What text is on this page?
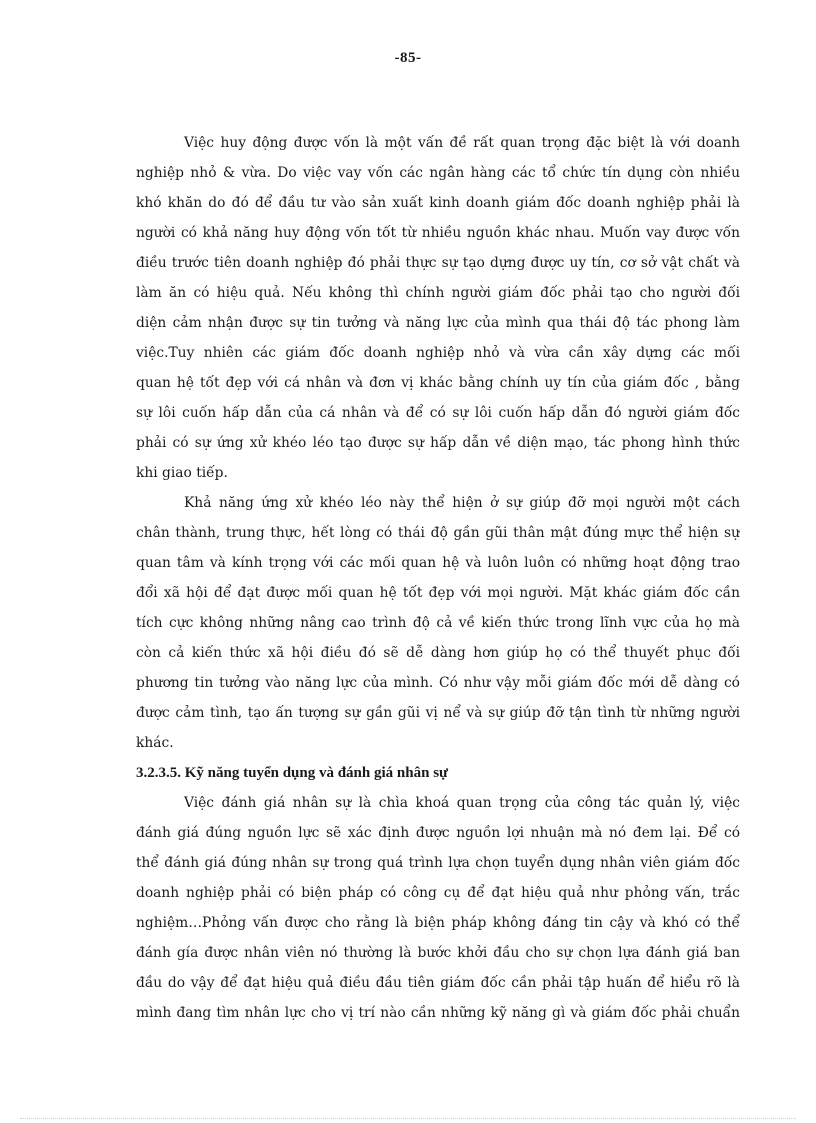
-85-

Việc huy động được vốn là một vấn đề rất quan trọng đặc biệt là với doanh
nghiệp nhỏ & vừa. Do việc vay vốn các ngân hàng các tổ chức tín dụng còn nhiều
khó khăn do đó để đầu tư vào sản xuất kinh doanh giám đốc doanh nghiệp phải là
người có khả năng huy động vốn tốt từ nhiều nguồn khác nhau. Muốn vay được vốn
điều trước tiên doanh nghiệp đó phải thực sự tạo dựng được uy tín, cơ sở vật chất và
làm ăn có hiệu quả. Nếu không thì chính người giám đốc phải tạo cho người đối
diện cảm nhận được sự tin tưởng và năng lực của mình qua thái độ tác phong làm
việc.Tuy nhiên các giám đốc doanh nghiệp nhỏ và vừa cần xây dựng các mối
quan hệ tốt đẹp với cá nhân và đơn vị khác bằng chính uy tín của giám đốc , bằng
sự lôi cuốn hấp dẫn của cá nhân và để có sự lôi cuốn hấp dẫn đó người giám đốc
phải có sự ứng xử khéo léo tạo được sự hấp dẫn về diện mạo, tác phong hình thức
khi giao tiếp.

Khả năng ứng xử khéo léo này thể hiện ở sự giúp đỡ mọi người một cách
chân thành, trung thực, hết lòng có thái độ gần gũi thân mật đúng mực thể hiện sự
quan tâm và kính trọng với các mối quan hệ và luôn luôn có những hoạt động trao
đổi xã hội để đạt được mối quan hệ tốt đẹp với mọi người. Mặt khác giám đốc cần
tích cực không những nâng cao trình độ cả về kiến thức trong lĩnh vực của họ mà
còn cả kiến thức xã hội điều đó sẽ dễ dàng hơn giúp họ có thể thuyết phục đối
phương tin tưởng vào năng lực của mình. Có như vậy mỗi giám đốc mới dễ dàng có
được cảm tình, tạo ấn tượng sự gần gũi vị nể và sự giúp đỡ tận tình từ những người
khác.

3.2.3.5. Kỹ năng tuyển dụng và đánh giá nhân sự

Việc đánh giá nhân sự là chìa khoá quan trọng của công tác quản lý, việc
đánh giá đúng nguồn lực sẽ xác định được nguồn lợi nhuận mà nó đem lại. Để có
thể đánh giá đúng nhân sự trong quá trình lựa chọn tuyển dụng nhân viên giám đốc
doanh nghiệp phải có biện pháp có công cụ để đạt hiệu quả như phỏng vấn, trắc
nghiệm…Phỏng vấn được cho rằng là biện pháp không đáng tin cậy và khó có thể
đánh gía được nhân viên nó thường là bước khởi đầu cho sự chọn lựa đánh giá ban
đầu do vậy để đạt hiệu quả điều đầu tiên giám đốc cần phải tập huấn để hiểu rõ là
mình đang tìm nhân lực cho vị trí nào cần những kỹ năng gì và giám đốc phải chuẩn
